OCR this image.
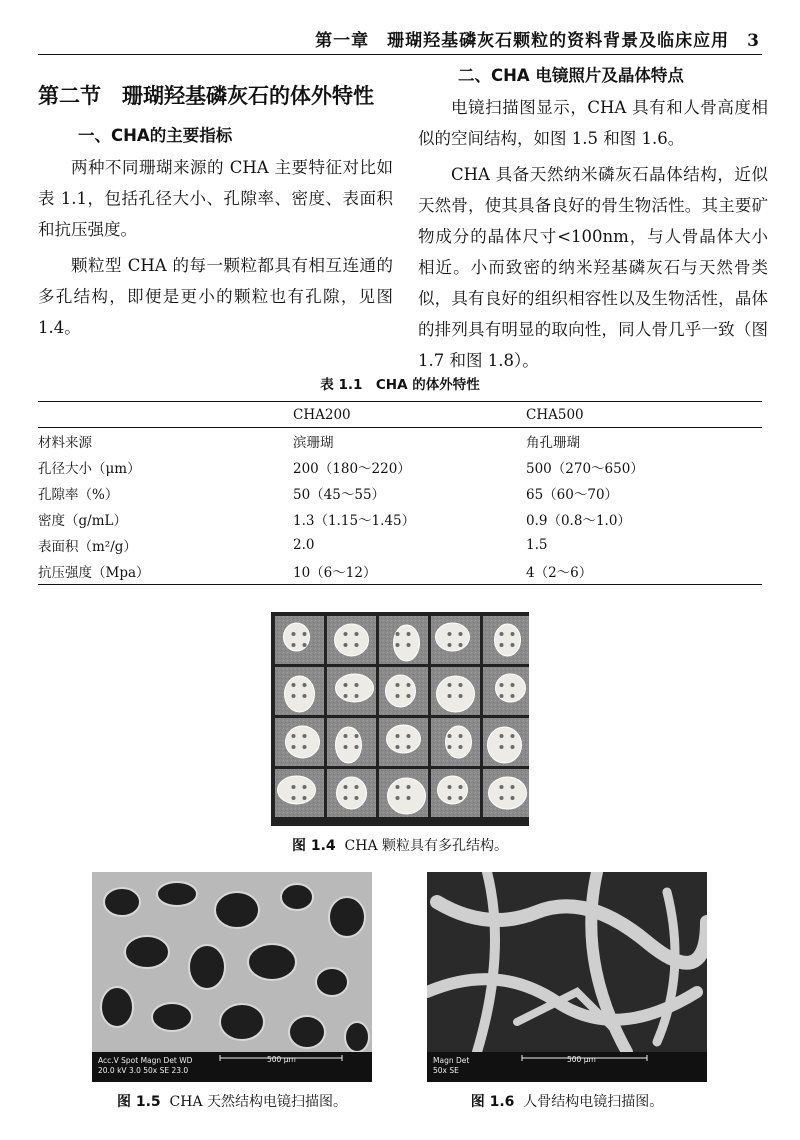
第一章　珊瑚羟基磷灰石颗粒的资料背景及临床应用　3
第二节　珊瑚羟基磷灰石的体外特性
一、CHA的主要指标

两种不同珊瑚来源的 CHA 主要特征对比如表 1.1，包括孔径大小、孔隙率、密度、表面积和抗压强度。

颗粒型 CHA 的每一颗粒都具有相互连通的多孔结构，即便是更小的颗粒也有孔隙，见图 1.4。

二、CHA 电镜照片及晶体特点

电镜扫描图显示，CHA 具有和人骨高度相似的空间结构，如图 1.5 和图 1.6。

CHA 具备天然纳米磷灰石晶体结构，近似天然骨，使其具备良好的骨生物活性。其主要矿物成分的晶体尺寸<100nm，与人骨晶体大小相近。小而致密的纳米羟基磷灰石与天然骨类似，具有良好的组织相容性以及生物活性，晶体的排列具有明显的取向性，同人骨几乎一致（图 1.7 和图 1.8）。

表 1.1　CHA 的体外特性
	CHA200	CHA500
材料来源	滨珊瑚	角孔珊瑚
孔径大小（μm）	200（180～220）	500（270～650）
孔隙率（%）	50（45～55）	65（60～70）
密度（g/mL）	1.3（1.15～1.45）	0.9（0.8～1.0）
表面积（m²/g）	2.0	1.5
抗压强度（Mpa）	10（6～12）	4（2～6）
图 1.4 CHA 颗粒具有多孔结构。
Acc.V Spot Magn Det WD
20.0 kV 3.0 50x SE 23.0
500 μm
图 1.5 CHA 天然结构电镜扫描图。
Magn Det
50x SE
500 μm
图 1.6 人骨结构电镜扫描图。
